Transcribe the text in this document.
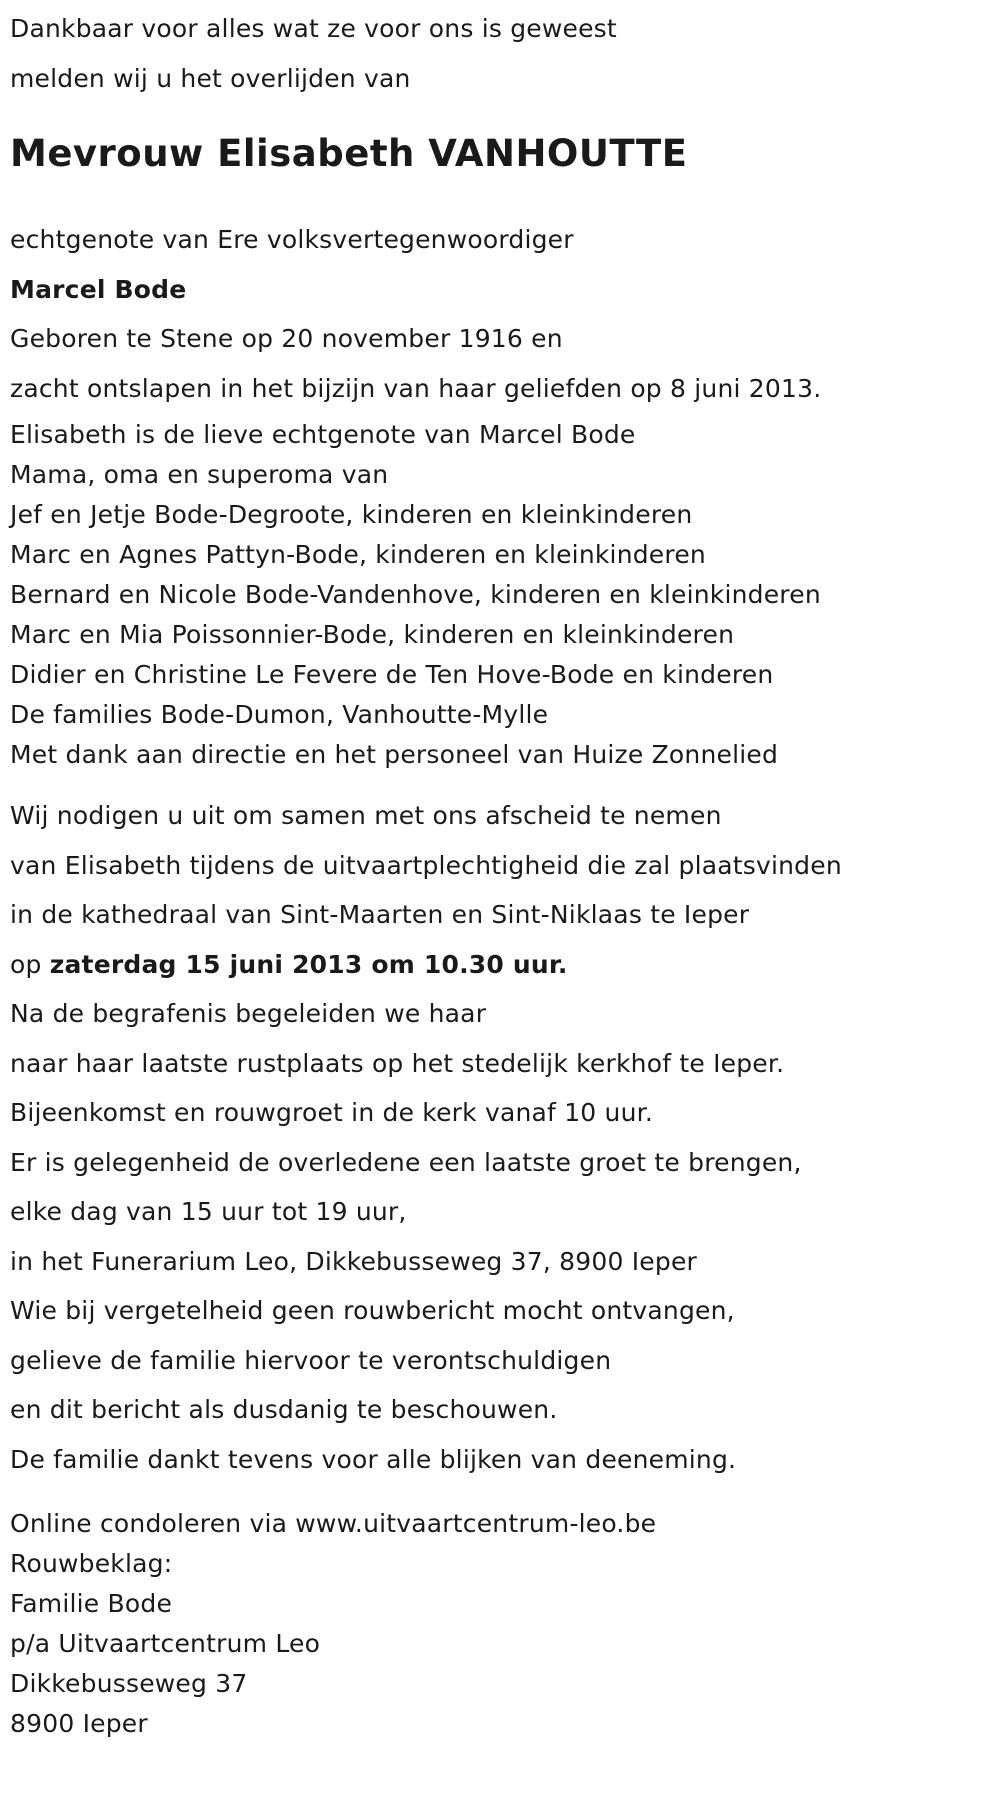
Dankbaar voor alles wat ze voor ons is geweest
melden wij u het overlijden van
Mevrouw Elisabeth VANHOUTTE
echtgenote van Ere volksvertegenwoordiger
Marcel Bode
Geboren te Stene op 20 november 1916 en
zacht ontslapen in het bijzijn van haar geliefden op 8 juni 2013.
Elisabeth is de lieve echtgenote van Marcel Bode
Mama, oma en superoma van
Jef en Jetje Bode-Degroote, kinderen en kleinkinderen
Marc en Agnes Pattyn-Bode, kinderen en kleinkinderen
Bernard en Nicole Bode-Vandenhove, kinderen en kleinkinderen
Marc en Mia Poissonnier-Bode, kinderen en kleinkinderen
Didier en Christine Le Fevere de Ten Hove-Bode en kinderen
De families Bode-Dumon, Vanhoutte-Mylle
Met dank aan directie en het personeel van Huize Zonnelied
Wij nodigen u uit om samen met ons afscheid te nemen
van Elisabeth tijdens de uitvaartplechtigheid die zal plaatsvinden
in de kathedraal van Sint-Maarten en Sint-Niklaas te Ieper
op zaterdag 15 juni 2013 om 10.30 uur.
Na de begrafenis begeleiden we haar
naar haar laatste rustplaats op het stedelijk kerkhof te Ieper.
Bijeenkomst en rouwgroet in de kerk vanaf 10 uur.
Er is gelegenheid de overledene een laatste groet te brengen,
elke dag van 15 uur tot 19 uur,
in het Funerarium Leo, Dikkebusseweg 37, 8900 Ieper
Wie bij vergetelheid geen rouwbericht mocht ontvangen,
gelieve de familie hiervoor te verontschuldigen
en dit bericht als dusdanig te beschouwen.
De familie dankt tevens voor alle blijken van deeneming.
Online condoleren via www.uitvaartcentrum-leo.be
Rouwbeklag:
Familie Bode
p/a Uitvaartcentrum Leo
Dikkebusseweg 37
8900 Ieper
